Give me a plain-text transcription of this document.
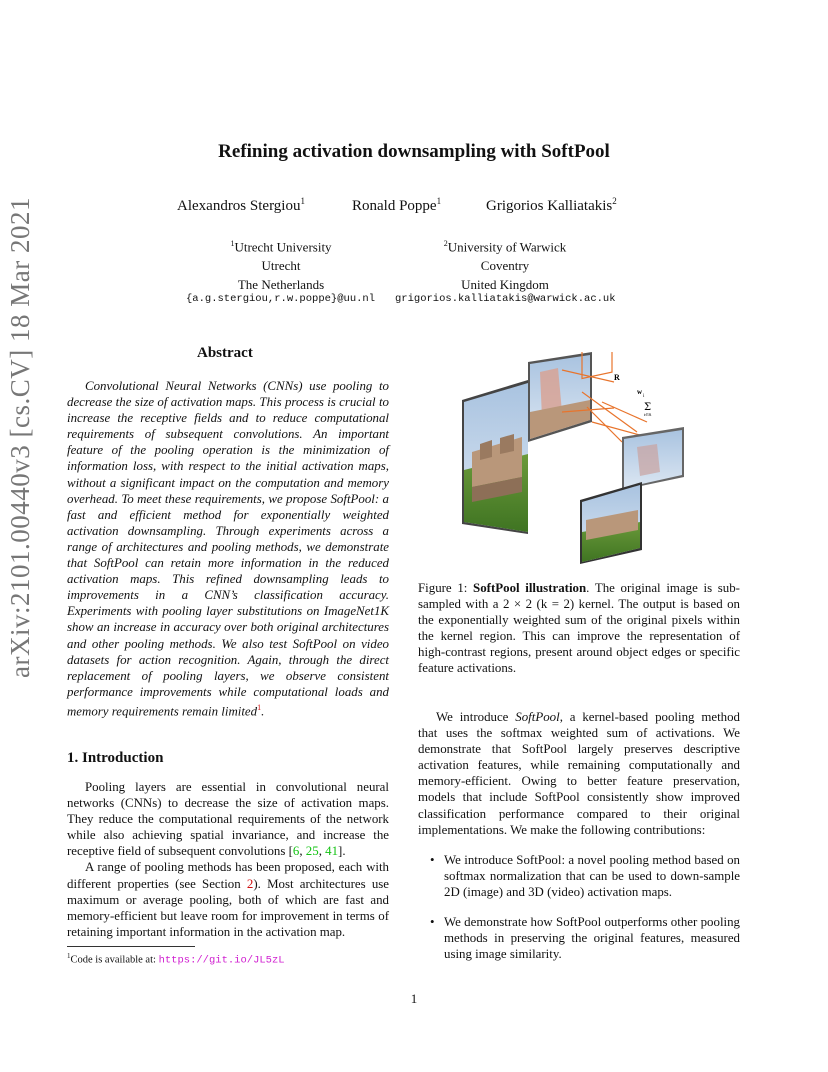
arXiv:2101.00440v3 [cs.CV] 18 Mar 2021
Refining activation downsampling with SoftPool
Alexandros Stergiou$^1$	Ronald Poppe$^1$	Grigorios Kalliatakis$^2$
$^1$Utrecht University
Utrecht
The Netherlands
$^2$University of Warwick
Coventry
United Kingdom
{a.g.stergiou,r.w.poppe}@uu.nl grigorios.kalliatakis@warwick.ac.uk
Abstract

Convolutional Neural Networks (CNNs) use pooling to decrease the size of activation maps. This process is crucial to increase the receptive fields and to reduce computational requirements of subsequent convolutions. An important feature of the pooling operation is the minimization of information loss, with respect to the initial activation maps, without a significant impact on the computation and memory overhead. To meet these requirements, we propose SoftPool: a fast and efficient method for exponentially weighted activation downsampling. Through experiments across a range of architectures and pooling methods, we demonstrate that SoftPool can retain more information in the reduced activation maps. This refined downsampling leads to improvements in a CNN’s classification accuracy. Experiments with pooling layer substitutions on ImageNet1K show an increase in accuracy over both original architectures and other pooling methods. We also test SoftPool on video datasets for action recognition. Again, through the direct replacement of pooling layers, we observe consistent performance improvements while computational loads and memory requirements remain limited$^1$.

1. Introduction

Pooling layers are essential in convolutional neural networks (CNNs) to decrease the size of activation maps. They reduce the computational requirements of the network while also achieving spatial invariance, and increase the receptive field of subsequent convolutions [6, 25, 41].

A range of pooling methods has been proposed, each with different properties (see Section 2). Most architectures use maximum or average pooling, both of which are fast and memory-efficient but leave room for improvement in terms of retaining important information in the activation map.

$^1$Code is available at: https://git.io/JL5zL
R
w
i
Σ
i∈R
Figure 1: SoftPool illustration. The original image is sub-sampled with a 2 × 2 (k = 2) kernel. The output is based on the exponentially weighted sum of the original pixels within the kernel region. This can improve the representation of high-contrast regions, present around object edges or specific feature activations.

We introduce SoftPool, a kernel-based pooling method that uses the softmax weighted sum of activations. We demonstrate that SoftPool largely preserves descriptive activation features, while remaining computationally and memory-efficient. Owing to better feature preservation, models that include SoftPool consistently show improved classification performance compared to their original implementations. We make the following contributions:

• We introduce SoftPool: a novel pooling method based on softmax normalization that can be used to down-sample 2D (image) and 3D (video) activation maps.
• We demonstrate how SoftPool outperforms other pooling methods in preserving the original features, measured using image similarity.
1
